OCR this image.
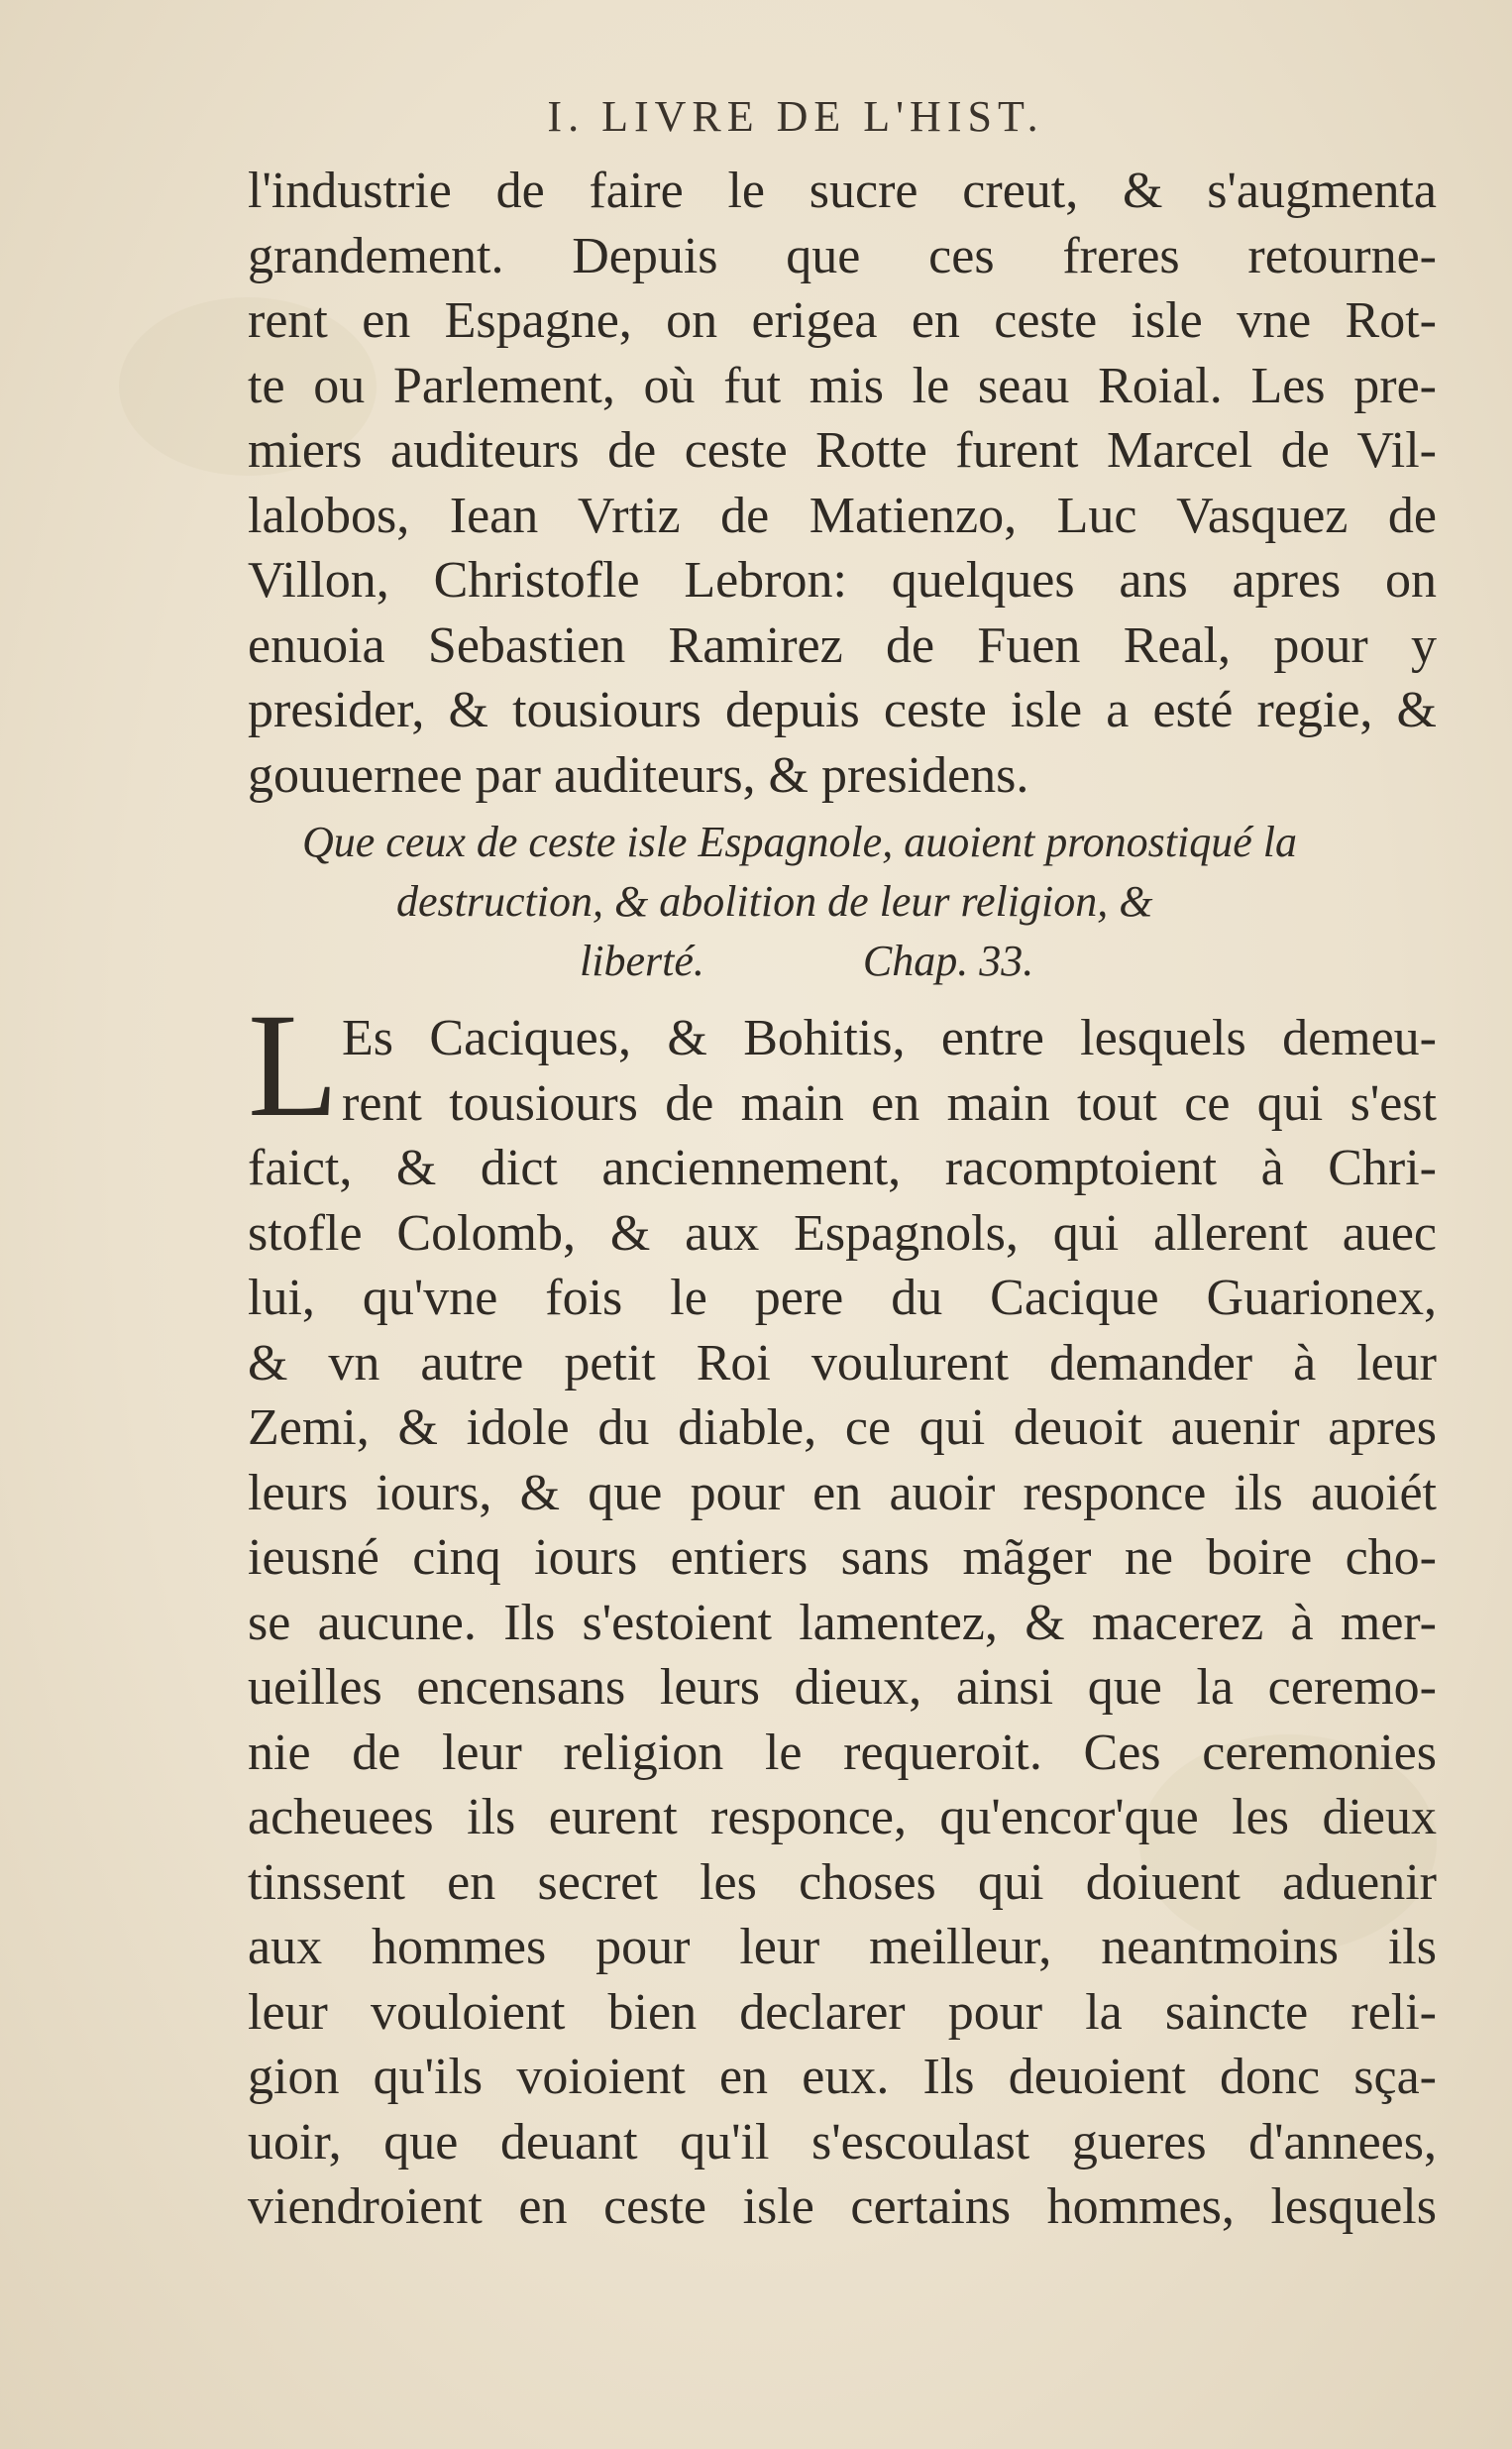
I. LIVRE DE L'HIST.
l'industrie de faire le sucre creut, & s'augmenta
grandement. Depuis que ces freres retourne-
rent en Espagne, on erigea en ceste isle vne Rot-
te ou Parlement, où fut mis le seau Roial. Les pre-
miers auditeurs de ceste Rotte furent Marcel de Vil-
lalobos, Iean Vrtiz de Matienzo, Luc Vasquez de
Villon, Christofle Lebron: quelques ans apres on
enuoia Sebastien Ramirez de Fuen Real, pour y
presider, & tousiours depuis ceste isle a esté regie, &
gouuernee par auditeurs, & presidens.
Que ceux de ceste isle Espagnole, auoient pronostiqué la
destruction, & abolition de leur religion, &
liberté.	Chap. 33.
L Es Caciques, & Bohitis, entre lesquels demeu-
rent tousiours de main en main tout ce qui s'est
faict, & dict anciennement, racomptoient à Chri-
stofle Colomb, & aux Espagnols, qui allerent auec
lui, qu'vne fois le pere du Cacique Guarionex,
& vn autre petit Roi voulurent demander à leur
Zemi, & idole du diable, ce qui deuoit auenir apres
leurs iours, & que pour en auoir responce ils auoiét
ieusné cinq iours entiers sans mãger ne boire cho-
se aucune. Ils s'estoient lamentez, & macerez à mer-
ueilles encensans leurs dieux, ainsi que la ceremo-
nie de leur religion le requeroit. Ces ceremonies
acheuees ils eurent responce, qu'encor'que les dieux
tinssent en secret les choses qui doiuent aduenir
aux hommes pour leur meilleur, neantmoins ils
leur vouloient bien declarer pour la saincte reli-
gion qu'ils voioient en eux. Ils deuoient donc sça-
uoir, que deuant qu'il s'escoulast gueres d'annees,
viendroient en ceste isle certains hommes, lesquels
